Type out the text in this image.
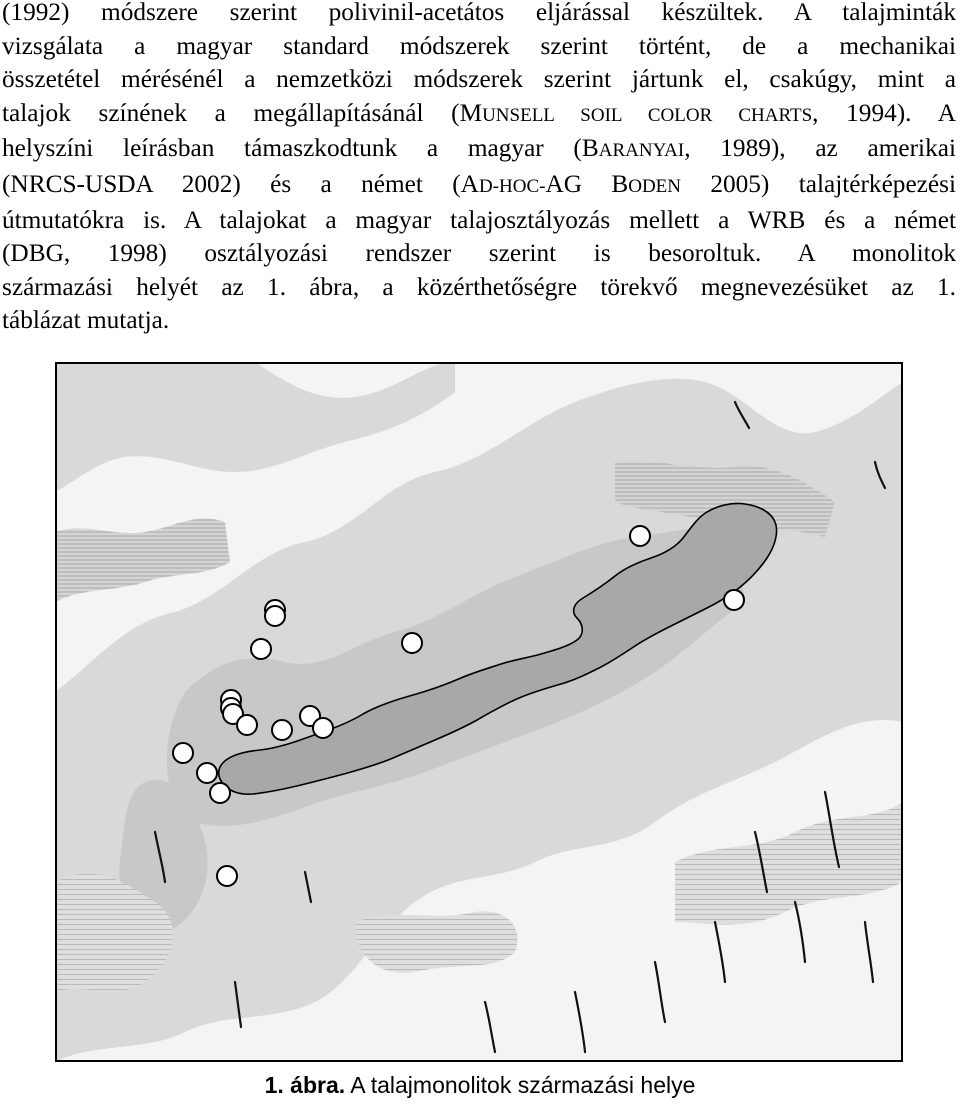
(1992) módszere szerint polivinil-acetátos eljárással készültek. A talajminták
vizsgálata a magyar standard módszerek szerint történt, de a mechanikai
összetétel mérésénél a nemzetközi módszerek szerint jártunk el, csakúgy, mint a
talajok színének a megállapításánál (MUNSELL SOIL COLOR CHARTS, 1994). A
helyszíni leírásban támaszkodtunk a magyar (BARANYAI, 1989), az amerikai
(NRCS-USDA 2002) és a német (AD-HOC-AG BODEN 2005) talajtérképezési
útmutatókra is. A talajokat a magyar talajosztályozás mellett a WRB és a német
(DBG, 1998) osztályozási rendszer szerint is besoroltuk. A monolitok
származási helyét az 1. ábra, a közérthetőségre törekvő megnevezésüket az 1.
táblázat mutatja.
1. ábra. A talajmonolitok származási helye
